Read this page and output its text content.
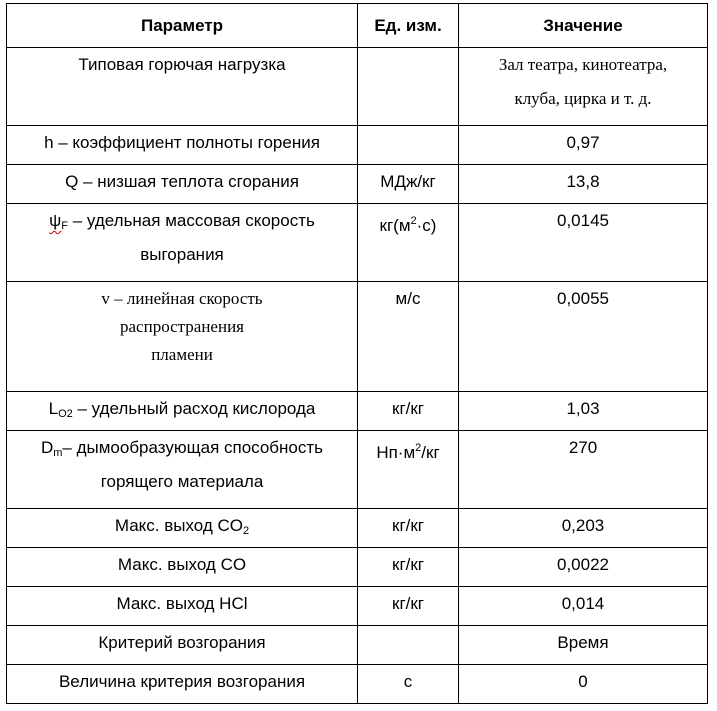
Параметр	Ед. изм.	Значение
Типовая горючая нагрузка		Зал театра, кинотеатра,
клуба, цирка и т. д.

h – коэффициент полноты горения		0,97
Q – низшая теплота сгорания	МДж/кг	13,8

$\psi_F$ – удельная массовая скорость
выгорания	$кг(м^2\cdot с)$	0,0145

v – линейная скорость
распространения
пламени	м/с	0,0055
$L_{O2}$ – удельный расход кислорода	кг/кг	1,03

$D_m-$ дымообразующая способность
горящего материала	$Нп\cdot м^2/кг$	270
Макс. выход $CO_2$	кг/кг	0,203
Макс. выход CO	кг/кг	0,0022
Макс. выход HCl	кг/кг	0,014
Критерий возгорания		Время
Величина критерия возгорания	с	0
